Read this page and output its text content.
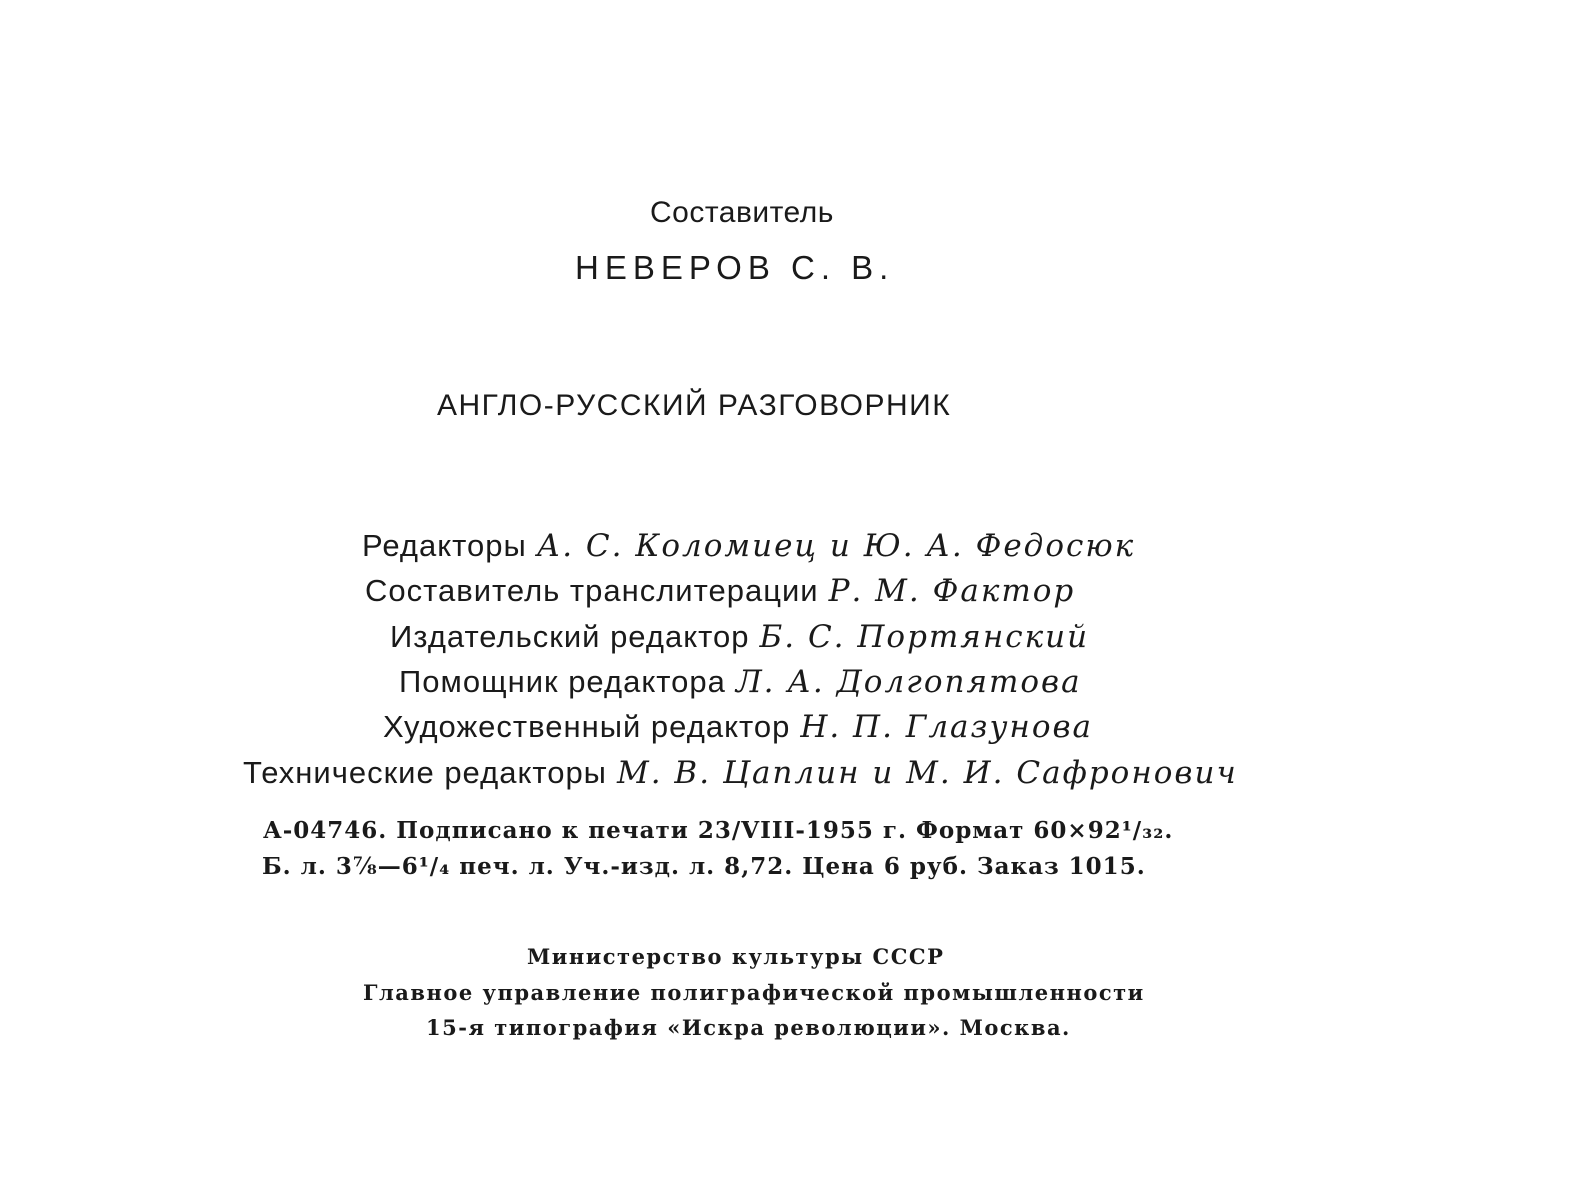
Составитель
НЕВЕРОВ С. В.
АНГЛО-РУССКИЙ РАЗГОВОРНИК
Редакторы А. С. Коломиец и Ю. А. Федосюк
Составитель транслитерации Р. М. Фактор
Издательский редактор Б. С. Портянский
Помощник редактора Л. А. Долгопятова
Художественный редактор Н. П. Глазунова
Технические редакторы М. В. Цаплин и М. И. Сафронович
А-04746. Подписано к печати 23/VIII-1955 г. Формат 60×92¹/₃₂.
Б. л. 3⅞—6¹/₄ печ. л. Уч.-изд. л. 8,72. Цена 6 руб. Заказ 1015.
Министерство культуры СССР
Главное управление полиграфической промышленности
15-я типография «Искра революции». Москва.
